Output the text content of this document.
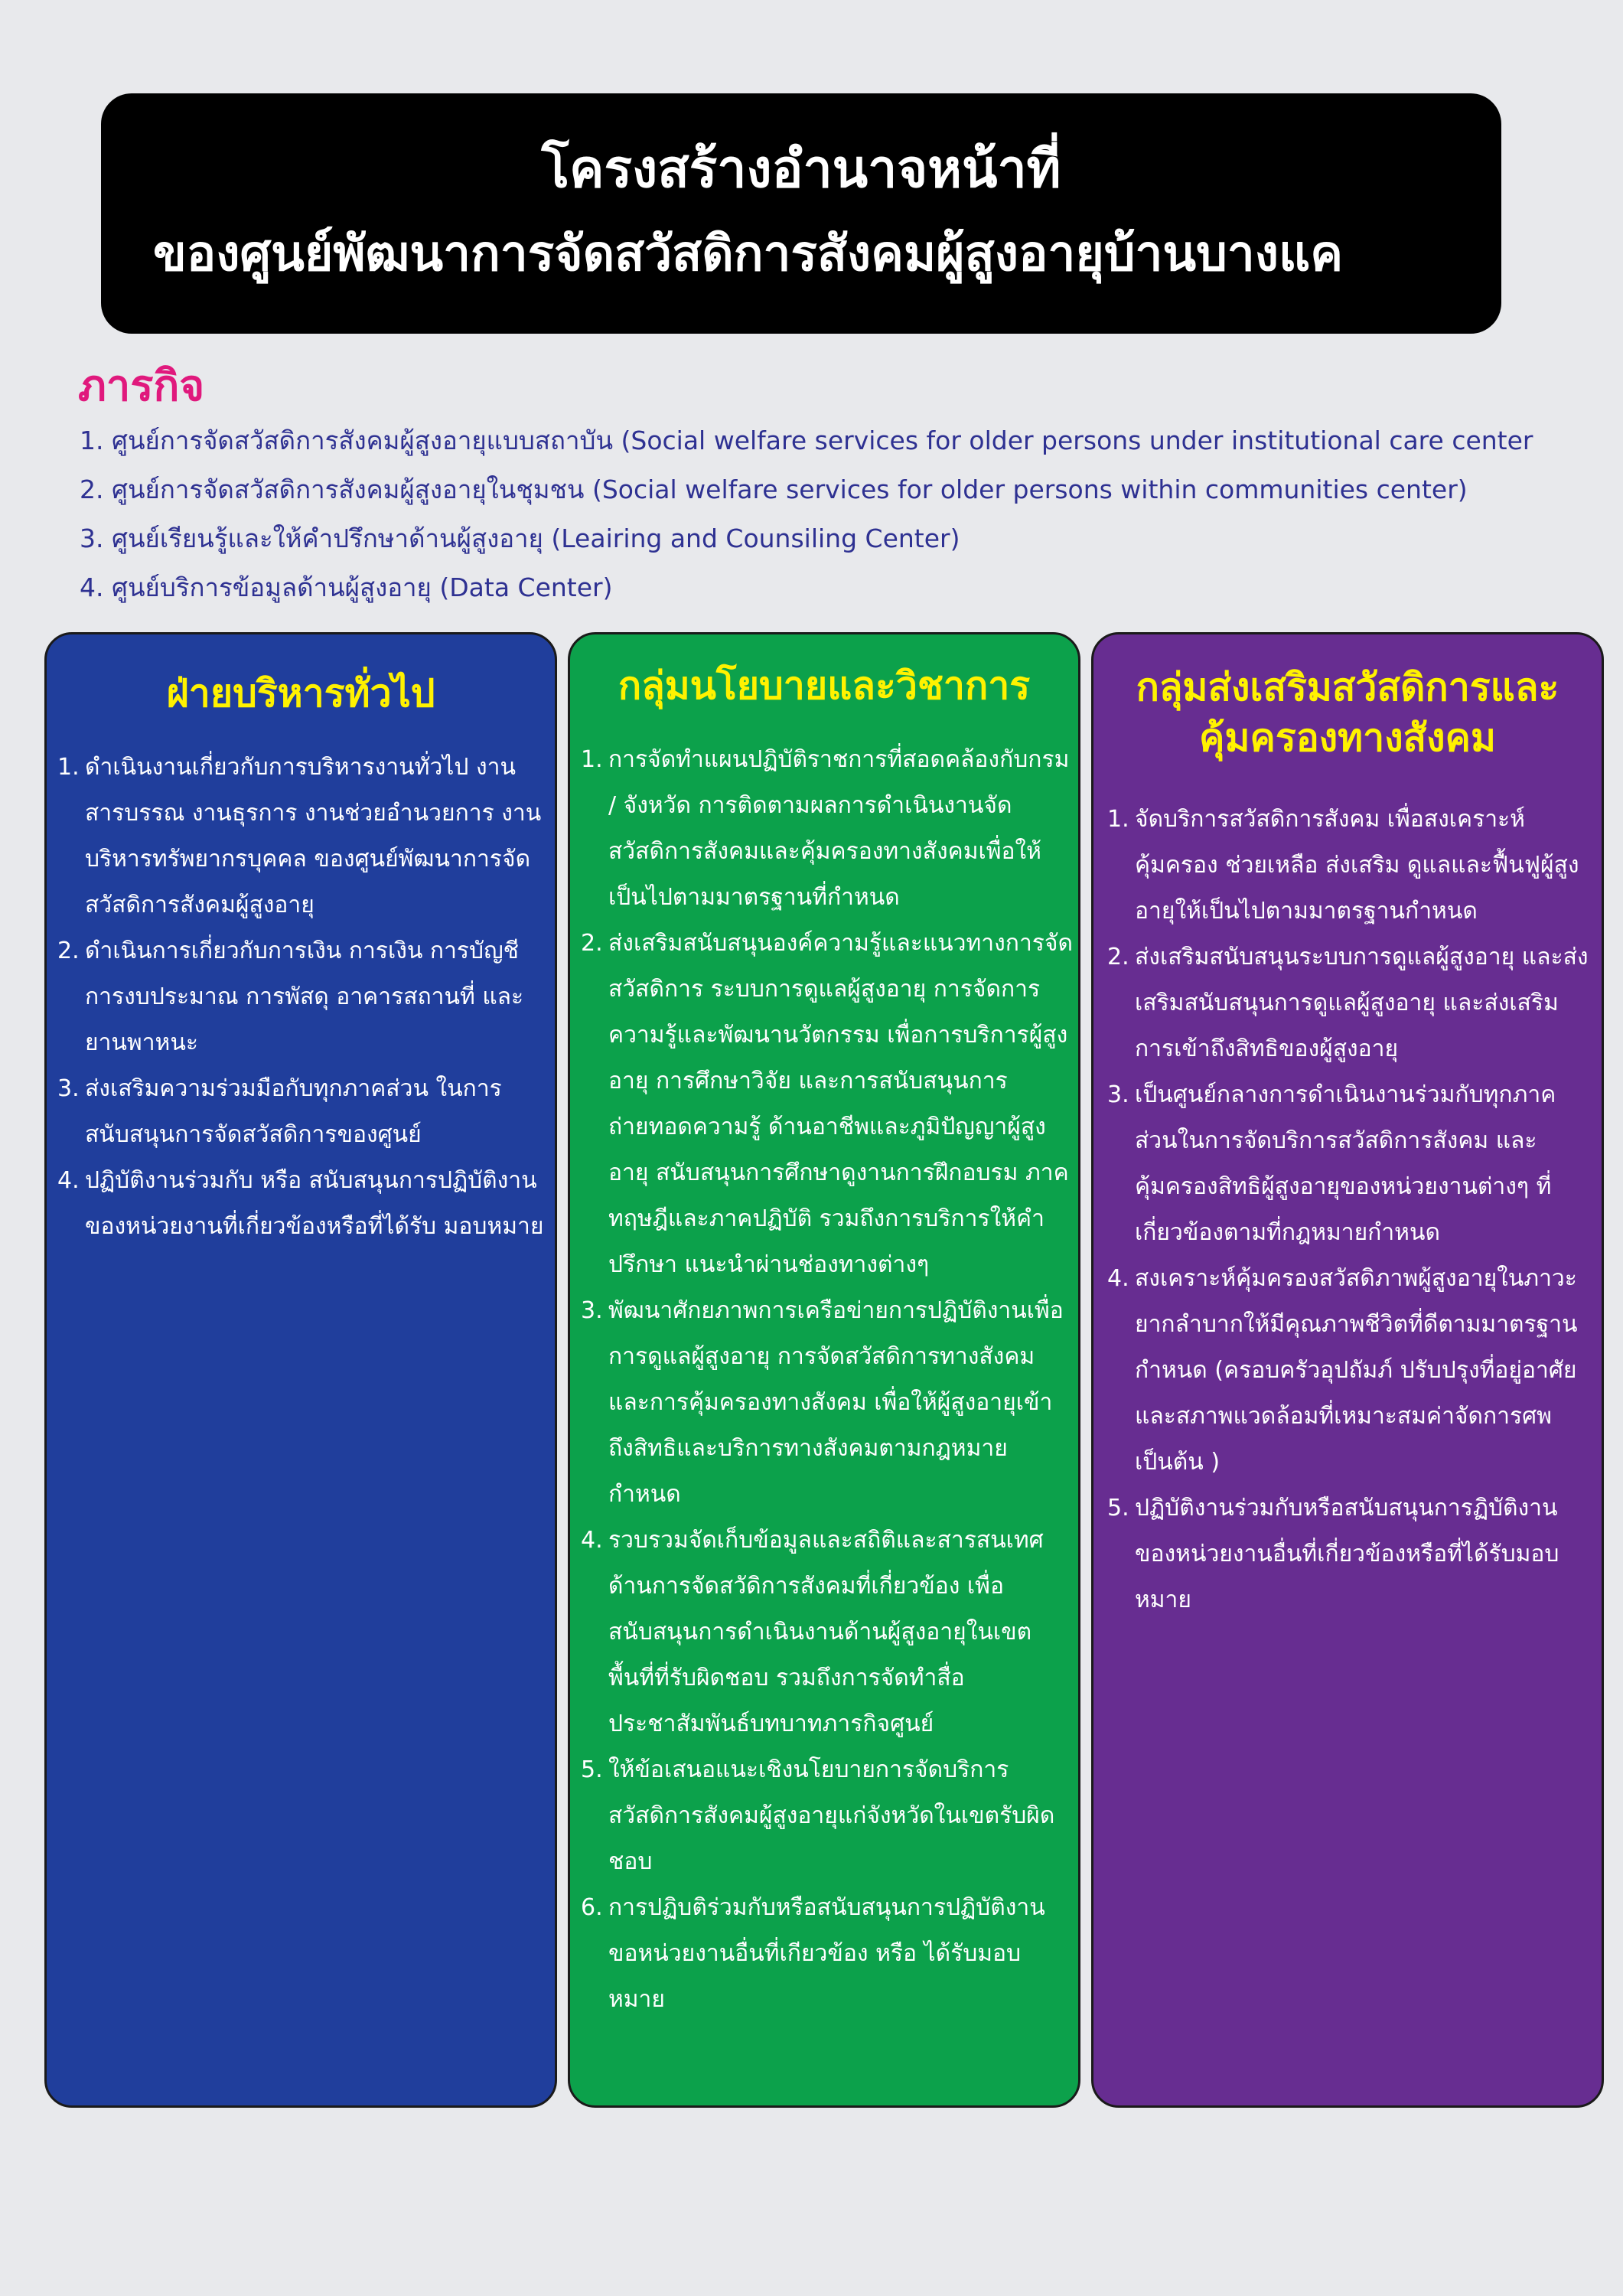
โครงสร้างอำนาจหน้าที่
ของศูนย์พัฒนาการจัดสวัสดิการสังคมผู้สูงอายุบ้านบางแค
ภารกิจ
1. ศูนย์การจัดสวัสดิการสังคมผู้สูงอายุแบบสถาบัน (Social welfare services for older persons under institutional care center
2. ศูนย์การจัดสวัสดิการสังคมผู้สูงอายุในชุมชน (Social welfare services for older persons within communities center)
3. ศูนย์เรียนรู้และให้คำปรึกษาด้านผู้สูงอายุ (Leairing and Counsiling Center)
4. ศูนย์บริการข้อมูลด้านผู้สูงอายุ (Data Center)
ฝ่ายบริหารทั่วไป
1. ดำเนินงานเกี่ยวกับการบริหารงานทั่วไป งานสารบรรณ งานธุรการ งานช่วยอำนวยการ งานบริหารทรัพยากรบุคคล ของศูนย์พัฒนาการจัดสวัสดิการสังคมผู้สูงอายุ
2. ดำเนินการเกี่ยวกับการเงิน การเงิน การบัญชี การงบประมาณ การพัสดุ อาคารสถานที่ และยานพาหนะ
3. ส่งเสริมความร่วมมือกับทุกภาคส่วน ในการสนับสนุนการจัดสวัสดิการของศูนย์
4. ปฏิบัติงานร่วมกับ หรือ สนับสนุนการปฏิบัติงานของหน่วยงานที่เกี่ยวข้องหรือที่ได้รับ มอบหมาย
กลุ่มนโยบายและวิชาการ
1. การจัดทำแผนปฏิบัติราชการที่สอดคล้องกับกรม / จังหวัด การติดตามผลการดำเนินงานจัดสวัสดิการสังคมและคุ้มครองทางสังคมเพื่อให้เป็นไปตามมาตรฐานที่กำหนด
2. ส่งเสริมสนับสนุนองค์ความรู้และแนวทางการจัดสวัสดิการ ระบบการดูแลผู้สูงอายุ การจัดการความรู้และพัฒนานวัตกรรม เพื่อการบริการผู้สูงอายุ การศึกษาวิจัย และการสนับสนุนการถ่ายทอดความรู้ ด้านอาชีพและภูมิปัญญาผู้สูงอายุ สนับสนุนการศึกษาดูงานการฝึกอบรม ภาคทฤษฎีและภาคปฏิบัติ รวมถึงการบริการให้คำปรึกษา แนะนำผ่านช่องทางต่างๆ
3. พัฒนาศักยภาพการเครือข่ายการปฏิบัติงานเพื่อการดูแลผู้สูงอายุ การจัดสวัสดิการทางสังคมและการคุ้มครองทางสังคม เพื่อให้ผู้สูงอายุเข้าถึงสิทธิและบริการทางสังคมตามกฎหมายกำหนด
4. รวบรวมจัดเก็บข้อมูลและสถิติและสารสนเทศด้านการจัดสวัดิการสังคมที่เกี่ยวข้อง เพื่อสนับสนุนการดำเนินงานด้านผู้สูงอายุในเขตพื้นที่ที่รับผิดชอบ รวมถึงการจัดทำสื่อประชาสัมพันธ์บทบาทภารกิจศูนย์
5. ให้ข้อเสนอแนะเชิงนโยบายการจัดบริการสวัสดิการสังคมผู้สูงอายุแก่จังหวัดในเขตรับผิดชอบ
6. การปฏิบติร่วมกับหรือสนับสนุนการปฏิบัติงานขอหน่วยงานอื่นที่เกียวข้อง หรือ ได้รับมอบหมาย
กลุ่มส่งเสริมสวัสดิการและ
คุ้มครองทางสังคม
1. จัดบริการสวัสดิการสังคม เพื่อสงเคราะห์ คุ้มครอง ช่วยเหลือ ส่งเสริม ดูแลและฟื้นฟูผู้สูงอายุให้เป็นไปตามมาตรฐานกำหนด
2. ส่งเสริมสนับสนุนระบบการดูแลผู้สูงอายุ และส่งเสริมสนับสนุนการดูแลผู้สูงอายุ และส่งเสริมการเข้าถึงสิทธิของผู้สูงอายุ
3. เป็นศูนย์กลางการดำเนินงานร่วมกับทุกภาคส่วนในการจัดบริการสวัสดิการสังคม และคุ้มครองสิทธิผู้สูงอายุของหน่วยงานต่างๆ ที่เกี่ยวข้องตามที่กฎหมายกำหนด
4. สงเคราะห์คุ้มครองสวัสดิภาพผู้สูงอายุในภาวะยากลำบากให้มีคุณภาพชีวิตที่ดีตามมาตรฐานกำหนด (ครอบครัวอุปถัมภ์ ปรับปรุงที่อยู่อาศัย และสภาพแวดล้อมที่เหมาะสมค่าจัดการศพ เป็นต้น )
5. ปฏิบัติงานร่วมกับหรือสนับสนุนการฏิบัติงานของหน่วยงานอื่นที่เกี่ยวข้องหรือที่ได้รับมอบหมาย
